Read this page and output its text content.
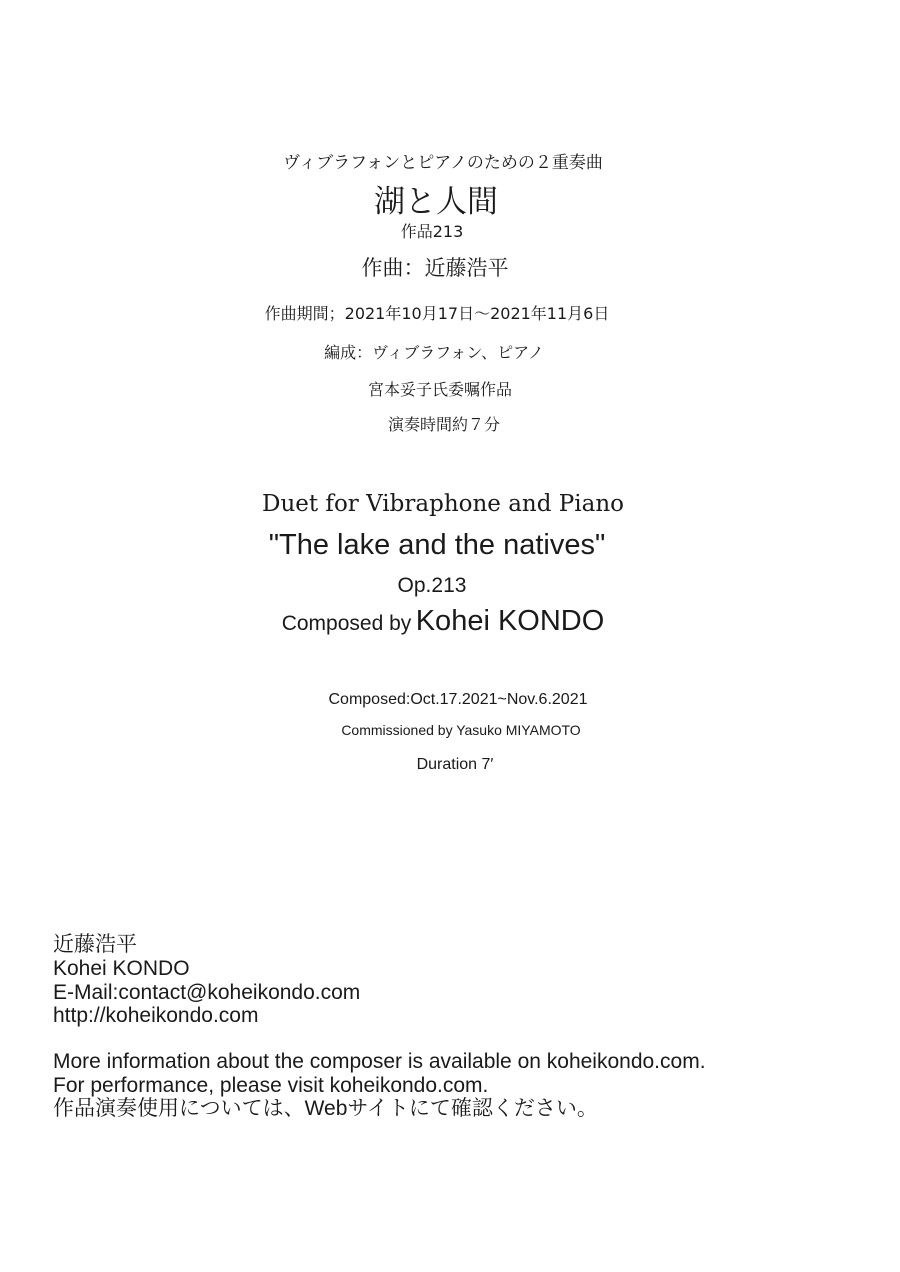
ヴィブラフォンとピアノのための２重奏曲
湖と人間
作品213
作曲：近藤浩平
作曲期間；2021年10月17日〜2021年11月6日
編成：ヴィブラフォン、ピアノ
宮本妥子氏委嘱作品
演奏時間約７分
Duet for Vibraphone and Piano
"The lake and the natives"
Op.213
Composed by Kohei KONDO
Composed:Oct.17.2021~Nov.6.2021
Commissioned by Yasuko MIYAMOTO
Duration 7′
近藤浩平
Kohei KONDO
E-Mail:contact@koheikondo.com
http://koheikondo.com
More information about the composer is available on koheikondo.com.
For performance, please visit koheikondo.com.
作品演奏使用については、Webサイトにて確認ください。
